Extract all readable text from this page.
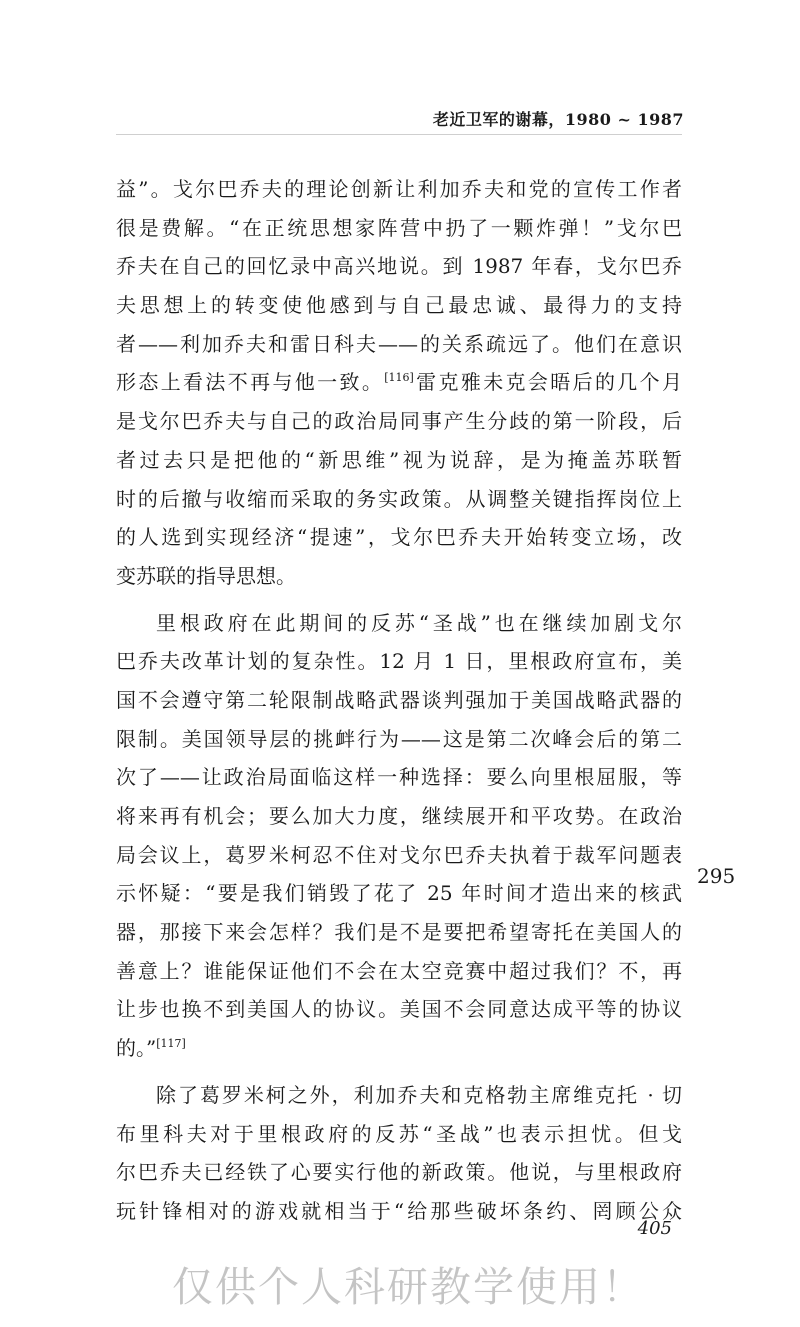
老近卫军的谢幕，1980 ~ 1987
益”。戈尔巴乔夫的理论创新让利加乔夫和党的宣传工作者
很是费解。“在正统思想家阵营中扔了一颗炸弹！”戈尔巴
乔夫在自己的回忆录中高兴地说。到 1987 年春，戈尔巴乔
夫思想上的转变使他感到与自己最忠诚、最得力的支持
者——利加乔夫和雷日科夫——的关系疏远了。他们在意识
形态上看法不再与他一致。[116]雷克雅未克会晤后的几个月
是戈尔巴乔夫与自己的政治局同事产生分歧的第一阶段，后
者过去只是把他的“新思维”视为说辞，是为掩盖苏联暂
时的后撤与收缩而采取的务实政策。从调整关键指挥岗位上
的人选到实现经济“提速”，戈尔巴乔夫开始转变立场，改
变苏联的指导思想。
里根政府在此期间的反苏“圣战”也在继续加剧戈尔
巴乔夫改革计划的复杂性。12 月 1 日，里根政府宣布，美
国不会遵守第二轮限制战略武器谈判强加于美国战略武器的
限制。美国领导层的挑衅行为——这是第二次峰会后的第二
次了——让政治局面临这样一种选择：要么向里根屈服，等
将来再有机会；要么加大力度，继续展开和平攻势。在政治
局会议上，葛罗米柯忍不住对戈尔巴乔夫执着于裁军问题表
示怀疑：“要是我们销毁了花了 25 年时间才造出来的核武
器，那接下来会怎样？我们是不是要把希望寄托在美国人的
善意上？谁能保证他们不会在太空竞赛中超过我们？不，再
让步也换不到美国人的协议。美国不会同意达成平等的协议
的。”[117]
除了葛罗米柯之外，利加乔夫和克格勃主席维克托 · 切
布里科夫对于里根政府的反苏“圣战”也表示担忧。但戈
尔巴乔夫已经铁了心要实行他的新政策。他说，与里根政府
玩针锋相对的游戏就相当于“给那些破坏条约、罔顾公众
295
405
仅供个人科研教学使用！
